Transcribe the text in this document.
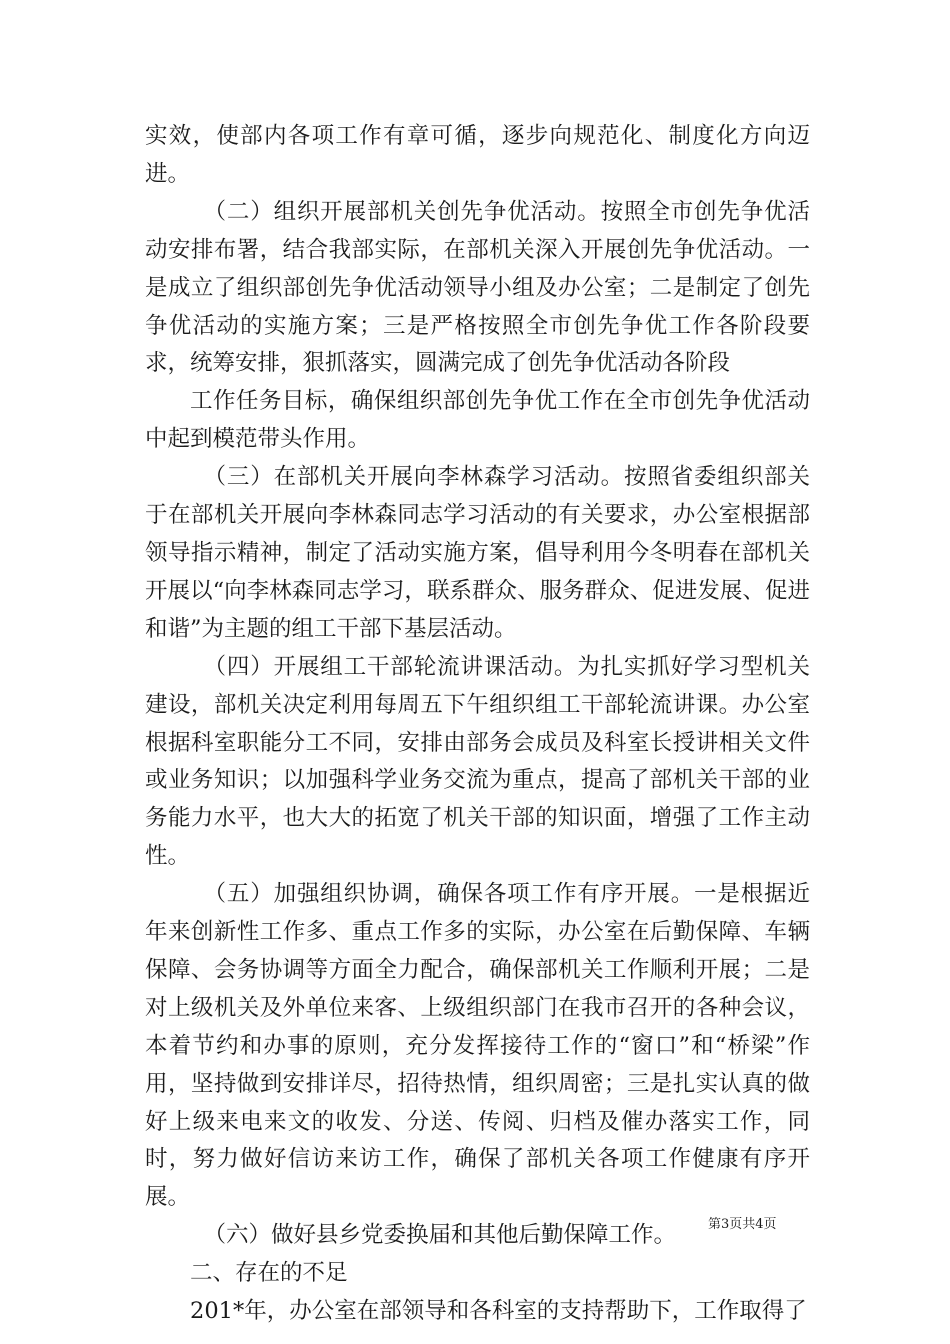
实效，使部内各项工作有章可循，逐步向规范化、制度化方向迈进。

（二）组织开展部机关创先争优活动。按照全市创先争优活动安排布署，结合我部实际，在部机关深入开展创先争优活动。一是成立了组织部创先争优活动领导小组及办公室；二是制定了创先争优活动的实施方案；三是严格按照全市创先争优工作各阶段要求，统筹安排，狠抓落实，圆满完成了创先争优活动各阶段

工作任务目标，确保组织部创先争优工作在全市创先争优活动中起到模范带头作用。

（三）在部机关开展向李林森学习活动。按照省委组织部关于在部机关开展向李林森同志学习活动的有关要求，办公室根据部领导指示精神，制定了活动实施方案，倡导利用今冬明春在部机关开展以“向李林森同志学习，联系群众、服务群众、促进发展、促进和谐”为主题的组工干部下基层活动。

（四）开展组工干部轮流讲课活动。为扎实抓好学习型机关建设，部机关决定利用每周五下午组织组工干部轮流讲课。办公室根据科室职能分工不同，安排由部务会成员及科室长授讲相关文件或业务知识；以加强科学业务交流为重点，提高了部机关干部的业务能力水平，也大大的拓宽了机关干部的知识面，增强了工作主动性。

（五）加强组织协调，确保各项工作有序开展。一是根据近年来创新性工作多、重点工作多的实际，办公室在后勤保障、车辆保障、会务协调等方面全力配合，确保部机关工作顺利开展；二是对上级机关及外单位来客、上级组织部门在我市召开的各种会议，本着节约和办事的原则，充分发挥接待工作的“窗口”和“桥梁”作用，坚持做到安排详尽，招待热情，组织周密；三是扎实认真的做好上级来电来文的收发、分送、传阅、归档及催办落实工作，同时，努力做好信访来访工作，确保了部机关各项工作健康有序开展。

（六）做好县乡党委换届和其他后勤保障工作。

二、存在的不足

201*年，办公室在部领导和各科室的支持帮助下，工作取得了

第3页共4页
